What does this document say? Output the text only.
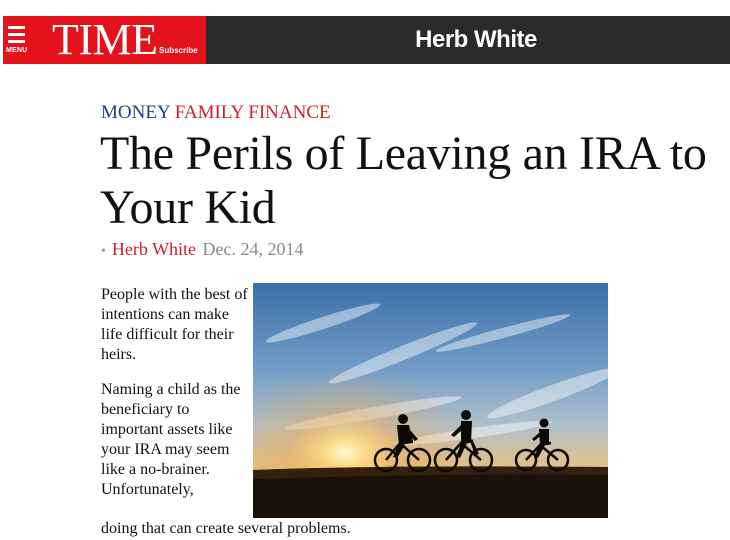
MENU TIME Subscribe	Herb White
MONEY FAMILY FINANCE
The Perils of Leaving an IRA to Your Kid
• Herb White Dec. 24, 2014

People with the best of intentions can make life difficult for their heirs.

Naming a child as the beneficiary to important assets like your IRA may seem like a no-brainer. Unfortunately,

doing that can create several problems.
